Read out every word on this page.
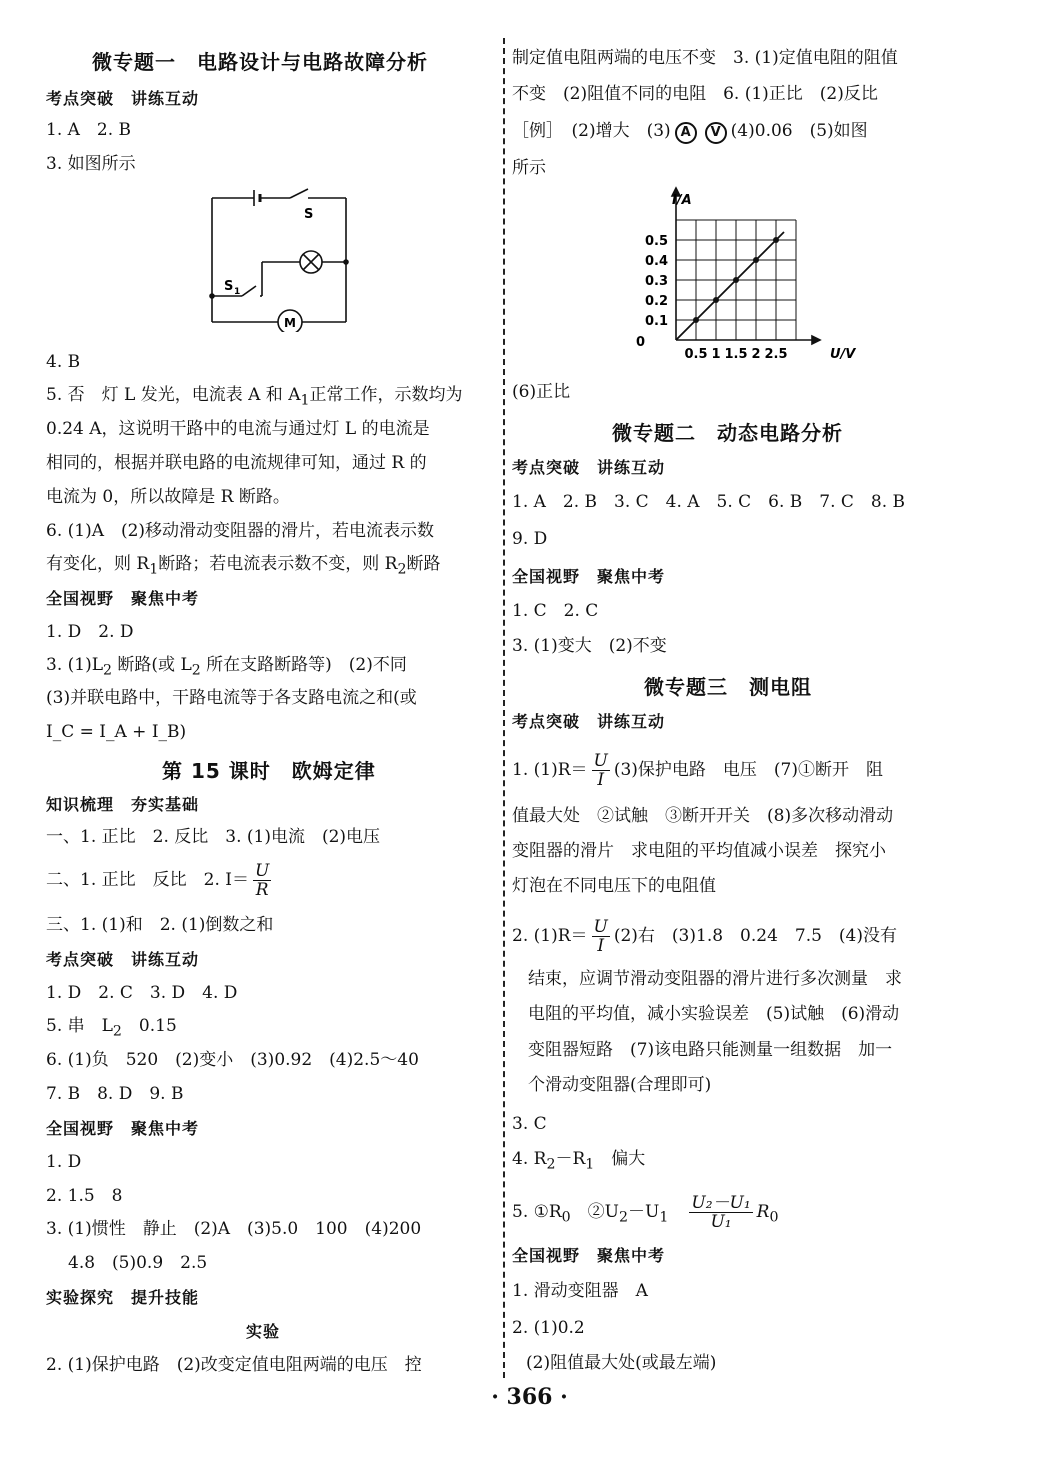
微专题一　电路设计与电路故障分析
考点突破　讲练互动
1. A　2. B
3. 如图所示
S
S 1
M
4. B
5. 否　灯 L 发光，电流表 A 和 $A_1$正常工作，示数均为
0.24 A，这说明干路中的电流与通过灯 L 的电流是
相同的，根据并联电路的电流规律可知，通过 R 的
电流为 0，所以故障是 R 断路。
6. (1)A　(2)移动滑动变阻器的滑片，若电流表示数
有变化，则 $R_1$断路；若电流表示数不变，则 $R_2$断路
全国视野　聚焦中考
1. D　2. D
3. $(1)L_2$ 断路(或 $L_2$ 所在支路断路等)　(2)不同
(3)并联电路中，干路电流等于各支路电流之和(或
I_C = I_A + I_B)
第 15 课时　欧姆定律
知识梳理　夯实基础
一、1. 正比　2. 反比　3. (1)电流　(2)电压
二、1. 正比　反比　2. $I= \frac{U}{R}$
三、1. (1)和　2. (1)倒数之和
考点突破　讲练互动
1. D　2. C　3. D　4. D
5. 串　$L_2$　0.15
6. (1)负　520　(2)变小　(3)0.92　(4)2.5～40
7. B　8. D　9. B
全国视野　聚焦中考
1. D
2. 1.5　8
3. (1)惯性　静止　(2)A　(3)5.0　100　(4)200
4.8　(5)0.9　2.5
实验探究　提升技能
实验
2. (1)保护电路　(2)改变定值电阻两端的电压　控
制定值电阻两端的电压不变　3. (1)定值电阻的阻值
不变　(2)阻值不同的电阻　6. (1)正比　(2)反比
［例］　(2)增大　(3) A V (4)0.06　(5)如图
所示
0.1
0.2
0.3
0.4
0.5
0.5 1 1.5 2 2.5
I/A
U/V
0
(6)正比
微专题二　动态电路分析
考点突破　讲练互动
1. A　2. B　3. C　4. A　5. C　6. B　7. C　8. B
9. D
全国视野　聚焦中考
1. C　2. C
3. (1)变大　(2)不变
微专题三　测电阻
考点突破　讲练互动
1. $(1)R= \frac{U}{I} (3)$保护电路　电压　(7)①断开　阻
值最大处　②试触　③断开开关　(8)多次移动滑动
变阻器的滑片　求电阻的平均值减小误差　探究小
灯泡在不同电压下的电阻值
2. $(1)R= \frac{U}{I} (2)$右　(3)1.8　0.24　7.5　(4)没有
结束，应调节滑动变阻器的滑片进行多次测量　求
电阻的平均值，减小实验误差　(5)试触　(6)滑动
变阻器短路　(7)该电路只能测量一组数据　加一
个滑动变阻器(合理即可)
3. C
4. $R_2-R_1$　偏大
5. $①R_0$　$②U_2-U_1$　 $\frac{\text{U₂－U₁}}{\text{U₁}} R_0$
全国视野　聚焦中考
1. 滑动变阻器　A
2. (1)0.2
(2)阻值最大处(或最左端)
· 366 ·
